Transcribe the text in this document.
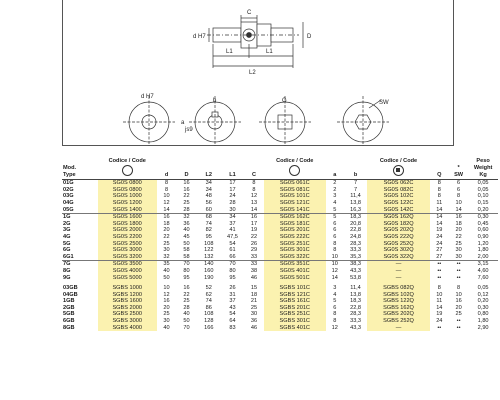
C
d H7	D
L1	L1
L2
d H7
b
a
js9
G	SW
Mod.
Type	Codice / Code	d	D	L2	L1	C	Codice / Code	a	b	Codice / Code	Q	*
SW	Peso
Weight
Kg
01G	SG0S 0800	8	16	34	17	8	SG0S 061C	2	7	SG0S 062C	8	6	0,05
02G	SG0S 0800	8	16	34	17	8	SG0S 081C	2	7	SG0S 082C	8	6	0,05
03G	SG0S 1000	10	22	48	24	12	SG0S 101C	3	11,4	SG0S 102C	8	8	0,10
04G	SG0S 1200	12	25	56	28	13	SG0S 121C	4	13,8	SG0S 122C	11	10	0,15
05G	SG0S 1400	14	28	60	30	14	SG0S 141C	5	16,3	SG0S 142C	14	14	0,20
1G	SG0S 1600	16	32	68	34	16	SG0S 162C	5	18,3	SG0S 162Q	14	16	0,30
2G	SG0S 1800	18	36	74	37	17	SG0S 181C	6	20,8	SG0S 182Q	14	18	0,45
3G	SG0S 2000	20	40	82	41	19	SG0S 201C	6	22,8	SG0S 202Q	19	20	0,60
4G	SG0S 2200	22	45	95	47,5	22	SG0S 222C	6	24,8	SG0S 222Q	24	22	0,90
5G	SG0S 2500	25	50	108	54	26	SG0S 251C	8	28,3	SG0S 252Q	24	25	1,20
6G	SG0S 3000	30	58	122	61	29	SG0S 301C	8	33,3	SG0S 302Q	27	30	1,80
6G1	SG0S 3200	32	58	132	66	33	SG0S 322C	10	35,3	SG0S 322Q	27	30	2,00
7G	SG0S 3500	35	70	140	70	33	SG0S 351C	10	38,3	—	••	••	3,15
8G	SG0S 4000	40	80	160	80	38	SG0S 401C	12	43,3	—	••	••	4,60
9G	SG0S 5000	50	95	190	95	46	SG0S 501C	14	53,8	—	••	••	7,60

03GB	SGBS 1000	10	16	52	26	15	SGBS 101C	3	11,4	SGBS 082Q	8	8	0,05
04GB	SGBS 1200	12	22	62	31	18	SGBS 121C	4	13,8	SGBS 102Q	10	10	0,12
1GB	SGBS 1600	16	25	74	37	21	SGBS 161C	5	18,3	SGBS 122Q	11	16	0,20
2GB	SGBS 2000	20	28	86	43	25	SGBS 201C	6	22,8	SGBS 162Q	14	20	0,30
5GB	SGBS 2500	25	40	108	54	30	SGBS 251C	8	28,3	SGBS 202Q	19	25	0,80
6GB	SGBS 3000	30	50	128	64	36	SGBS 301C	8	33,3	SGBS 252Q	24	••	1,80
8GB	SGBS 4000	40	70	166	83	46	SGBS 401C	12	43,3	—	••	••	2,90
